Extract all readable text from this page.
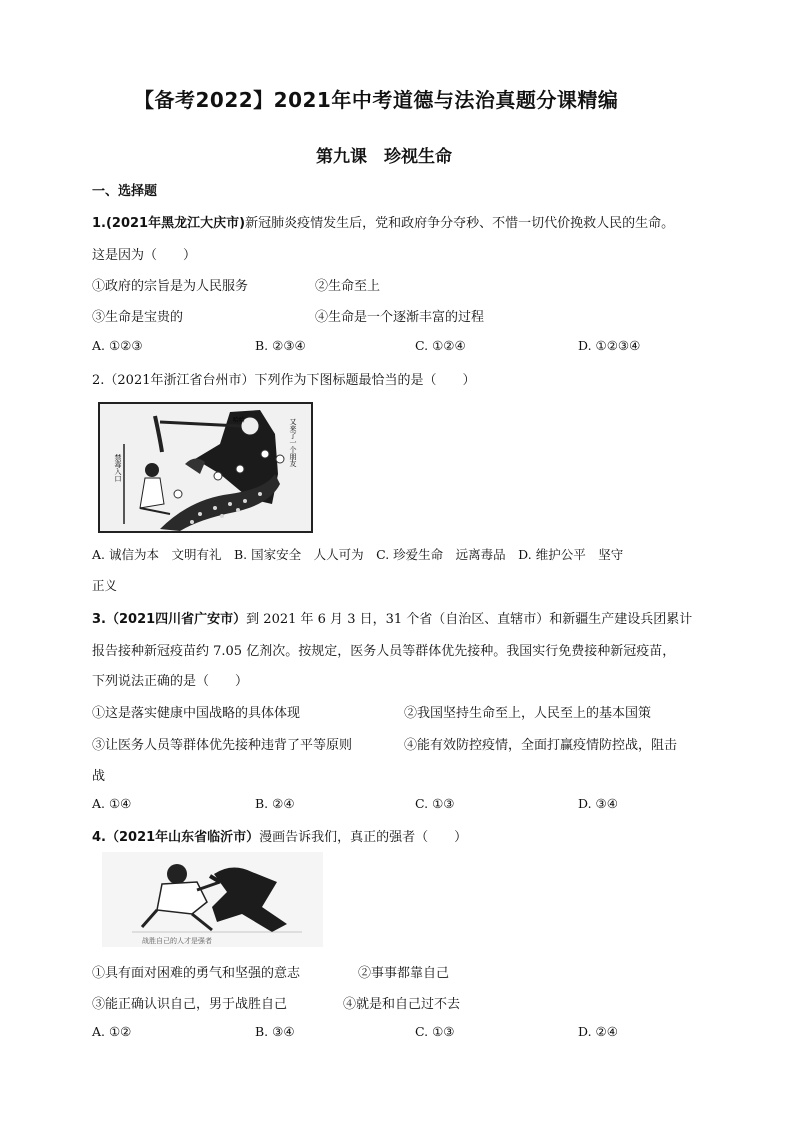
【备考2022】2021年中考道德与法治真题分课精编
第九课　珍视生命
一、选择题
1.(2021年黑龙江大庆市)新冠肺炎疫情发生后，党和政府争分夺秒、不惜一切代价挽救人民的生命。
这是因为（　　）
①政府的宗旨是为人民服务	②生命至上
③生命是宝贵的	④生命是一个逐渐丰富的过程
A. ①②③	B. ②③④	C. ①②④	D. ①②③④
2.（2021年浙江省台州市）下列作为下图标题最恰当的是（　　）
禁毒入口
哈哈	又来了一个朋友
A. 诚信为本　文明有礼　B. 国家安全　人人可为　C. 珍爱生命　远离毒品　D. 维护公平　坚守
正义
3.（2021四川省广安市）到 2021 年 6 月 3 日，31 个省（自治区、直辖市）和新疆生产建设兵团累计
报告接种新冠疫苗约 7.05 亿剂次。按规定，医务人员等群体优先接种。我国实行免费接种新冠疫苗，
下列说法正确的是（　　）
①这是落实健康中国战略的具体体现	②我国坚持生命至上，人民至上的基本国策
③让医务人员等群体优先接种违背了平等原则	④能有效防控疫情，全面打赢疫情防控战，阻击
战
A. ①④	B. ②④	C. ①③	D. ③④
4.（2021年山东省临沂市）漫画告诉我们，真正的强者（　　）
战胜自己的人才是强者
①具有面对困难的勇气和坚强的意志	②事事都靠自己
③能正确认识自己，男于战胜自己	④就是和自己过不去
A. ①②	B. ③④	C. ①③	D. ②④
